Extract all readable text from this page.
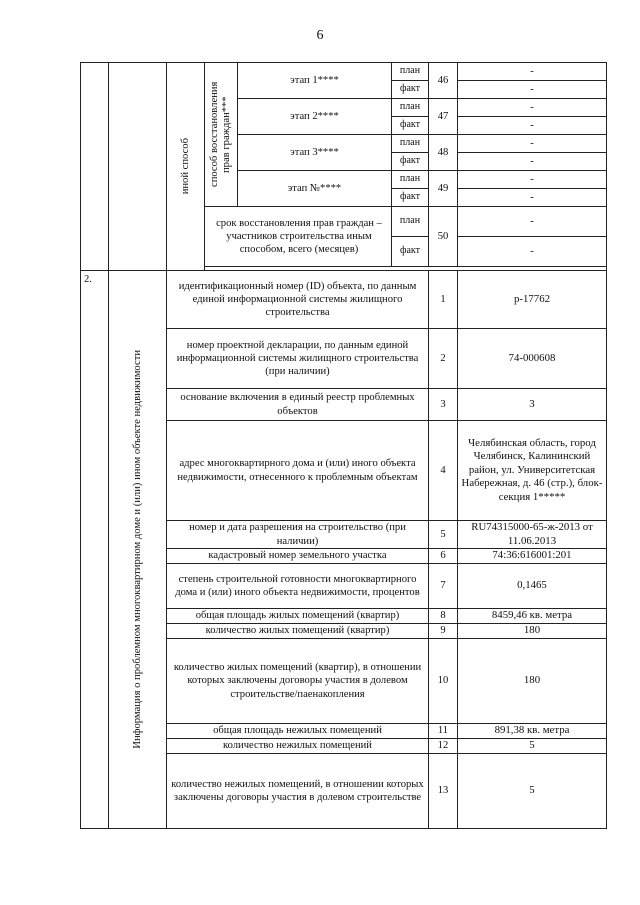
6

		иной способ	способ восстановления прав граждан***	этап 1****	план	46	-
					факт		-
				этап 2****	план	47	-
					факт		-
				этап 3****	план	48	-
					факт		-
				этап №****	план	49	-
					факт		-
			срок восстановления прав граждан – участников строительства иным способом, всего (месяцев)		план	50	-
					факт		-

2.	Информация о проблемном многоквартирном доме и (или) ином объекте недвижимости	идентификационный номер (ID) объекта, по данным единой информационной системы жилищного строительства				1	р-17762
		номер проектной декларации, по данным единой информационной системы жилищного строительства (при наличии)				2	74-000608
		основание включения в единый реестр проблемных объектов				3	3
		адрес многоквартирного дома и (или) иного объекта недвижимости, отнесенного к проблемным объектам				4	Челябинская область, город Челябинск, Калининский район, ул. Университетская Набережная, д. 46 (стр.), блок-секция 1*****
		номер и дата разрешения на строительство (при наличии)				5	RU74315000-65-ж-2013 от 11.06.2013
		кадастровый номер земельного участка				6	74:36:616001:201
		степень строительной готовности многоквартирного дома и (или) иного объекта недвижимости, процентов				7	0,1465
		общая площадь жилых помещений (квартир)				8	8459,46 кв. метра
		количество жилых помещений (квартир)				9	180
		количество жилых помещений (квартир), в отношении которых заключены договоры участия в долевом строительстве/паенакопления				10	180
		общая площадь нежилых помещений				11	891,38 кв. метра
		количество нежилых помещений				12	5
		количество нежилых помещений, в отношении которых заключены договоры участия в долевом строительстве				13	5
